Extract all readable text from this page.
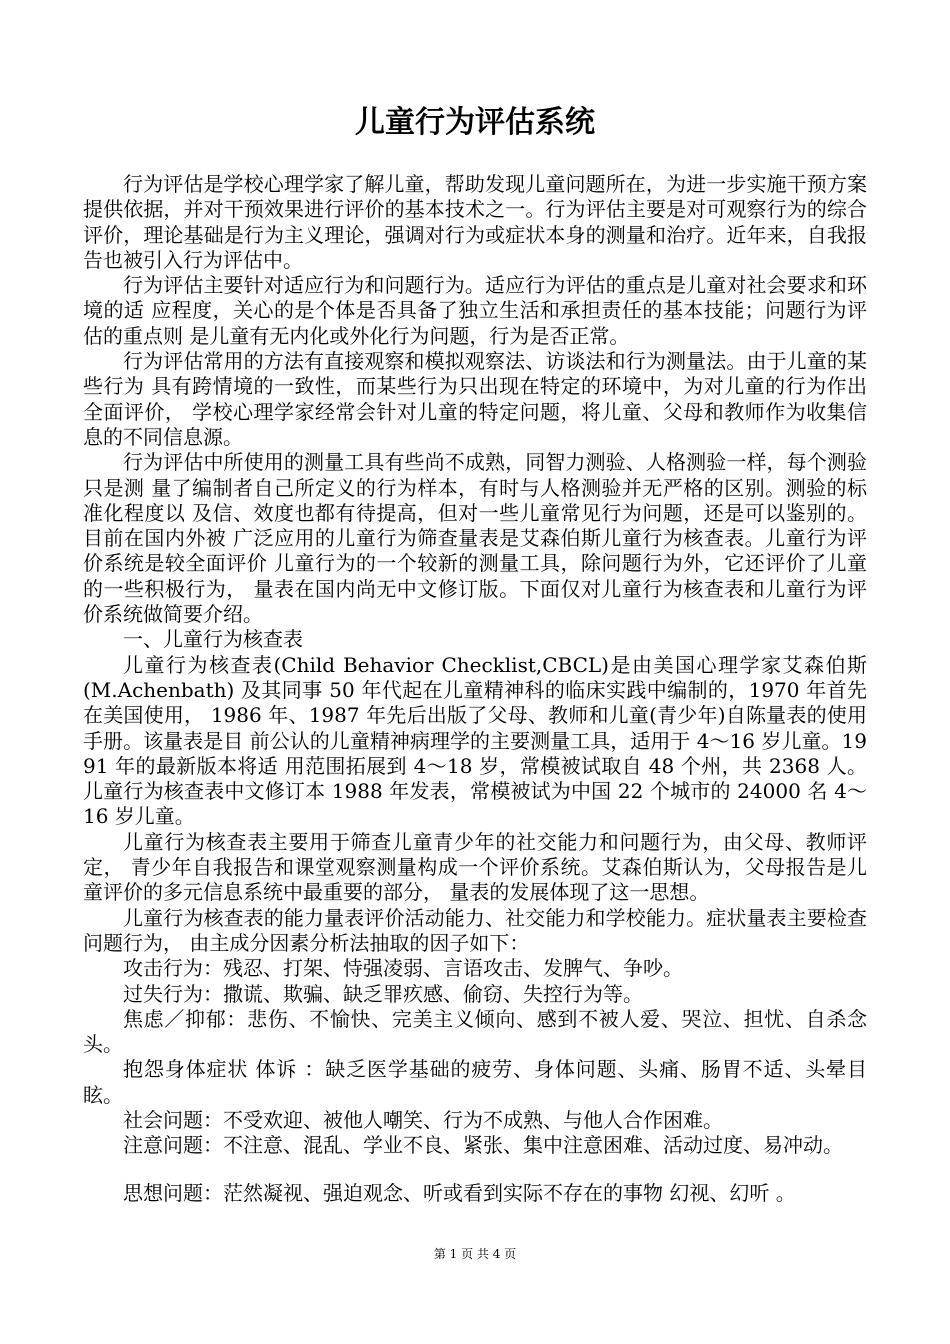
儿童行为评估系统

行为评估是学校心理学家了解儿童，帮助发现儿童问题所在，为进一步实施干预方案提供依据，并对干预效果进行评价的基本技术之一。行为评估主要是对可观察行为的综合评价，理论基础是行为主义理论，强调对行为或症状本身的测量和治疗。近年来，自我报告也被引入行为评估中。

行为评估主要针对适应行为和问题行为。适应行为评估的重点是儿童对社会要求和环境的适 应程度，关心的是个体是否具备了独立生活和承担责任的基本技能；问题行为评估的重点则 是儿童有无内化或外化行为问题，行为是否正常。

行为评估常用的方法有直接观察和模拟观察法、访谈法和行为测量法。由于儿童的某些行为 具有跨情境的一致性，而某些行为只出现在特定的环境中，为对儿童的行为作出全面评价， 学校心理学家经常会针对儿童的特定问题，将儿童、父母和教师作为收集信息的不同信息源。

行为评估中所使用的测量工具有些尚不成熟，同智力测验、人格测验一样，每个测验只是测 量了编制者自己所定义的行为样本，有时与人格测验并无严格的区别。测验的标准化程度以 及信、效度也都有待提高，但对一些儿童常见行为问题，还是可以鉴别的。目前在国内外被 广泛应用的儿童行为筛查量表是艾森伯斯儿童行为核查表。儿童行为评价系统是较全面评价 儿童行为的一个较新的测量工具，除问题行为外，它还评价了儿童的一些积极行为， 量表在国内尚无中文修订版。下面仅对儿童行为核查表和儿童行为评价系统做简要介绍。

一、儿童行为核查表

儿童行为核查表(Child Behavior Checklist,CBCL)是由美国心理学家艾森伯斯(M.Achenbath) 及其同事 50 年代起在儿童精神科的临床实践中编制的，1970 年首先在美国使用， 1986 年、1987 年先后出版了父母、教师和儿童(青少年)自陈量表的使用手册。该量表是目 前公认的儿童精神病理学的主要测量工具，适用于 4～16 岁儿童。1991 年的最新版本将适 用范围拓展到 4～18 岁，常模被试取自 48 个州，共 2368 人。儿童行为核查表中文修订本 1988 年发表，常模被试为中国 22 个城市的 24000 名 4～16 岁儿童。

儿童行为核查表主要用于筛查儿童青少年的社交能力和问题行为，由父母、教师评定， 青少年自我报告和课堂观察测量构成一个评价系统。艾森伯斯认为，父母报告是儿童评价的多元信息系统中最重要的部分， 量表的发展体现了这一思想。

儿童行为核查表的能力量表评价活动能力、社交能力和学校能力。症状量表主要检查问题行为， 由主成分因素分析法抽取的因子如下：

攻击行为：残忍、打架、恃强凌弱、言语攻击、发脾气、争吵。

过失行为：撒谎、欺骗、缺乏罪疚感、偷窃、失控行为等。

焦虑／抑郁：悲伤、不愉快、完美主义倾向、感到不被人爱、哭泣、担忧、自杀念头。

抱怨身体症状 体诉 ：缺乏医学基础的疲劳、身体问题、头痛、肠胃不适、头晕目眩。

社会问题：不受欢迎、被他人嘲笑、行为不成熟、与他人合作困难。

注意问题：不注意、混乱、学业不良、紧张、集中注意困难、活动过度、易冲动。

思想问题：茫然凝视、强迫观念、听或看到实际不存在的事物 幻视、幻听 。

第 1 页 共 4 页
